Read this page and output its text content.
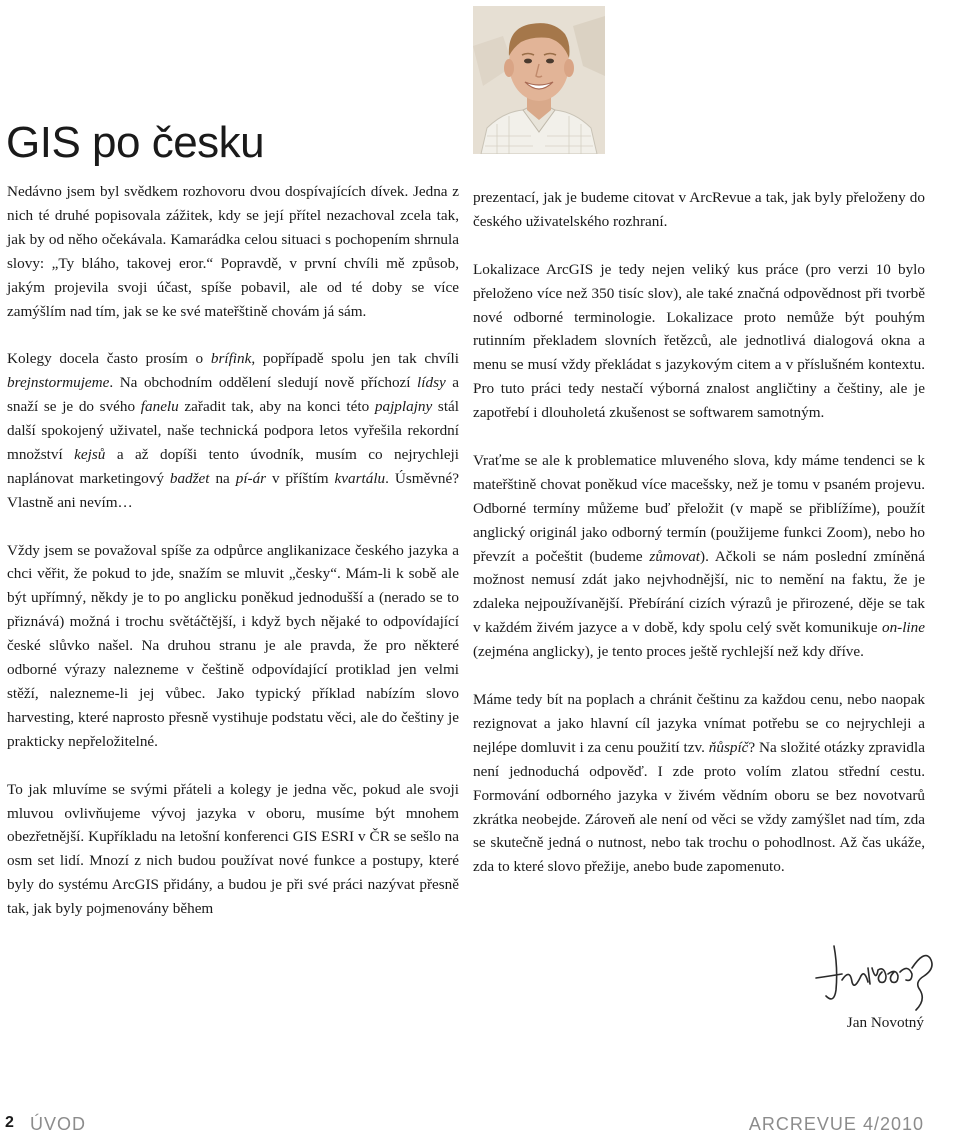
GIS po česku

Nedávno jsem byl svědkem rozhovoru dvou dospívajících dívek. Jedna z nich té druhé popisovala zážitek, kdy se její přítel nezachoval zcela tak, jak by od něho očekávala. Kamarádka celou situaci s pochopením shrnula slovy: „Ty bláho, takovej eror.“ Popravdě, v první chvíli mě způsob, jakým projevila svoji účast, spíše pobavil, ale od té doby se více zamýšlím nad tím, jak se ke své mateřštině chovám já sám.

Kolegy docela často prosím o brífink, popřípadě spolu jen tak chvíli brejnstormujeme. Na obchodním oddělení sledují nově příchozí lídsy a snaží se je do svého fanelu zařadit tak, aby na konci této pajplajny stál další spokojený uživatel, naše technická podpora letos vyřešila rekordní množství kejsů a až dopíši tento úvodník, musím co nejrychleji naplánovat marketingový badžet na pí-ár v příštím kvartálu. Úsměvné? Vlastně ani nevím…

Vždy jsem se považoval spíše za odpůrce anglikanizace českého jazyka a chci věřit, že pokud to jde, snažím se mluvit „česky“. Mám-li k sobě ale být upřímný, někdy je to po anglicku poněkud jednodušší a (nerado se to přiznává) možná i trochu světáčtější, i když bych nějaké to odpovídající české slůvko našel. Na druhou stranu je ale pravda, že pro některé odborné výrazy nalezneme v češtině odpovídající protiklad jen velmi stěží, nalezneme-li jej vůbec. Jako typický příklad nabízím slovo harvesting, které naprosto přesně vystihuje podstatu věci, ale do češtiny je prakticky nepřeložitelné.

To jak mluvíme se svými přáteli a kolegy je jedna věc, pokud ale svoji mluvou ovlivňujeme vývoj jazyka v oboru, musíme být mnohem obezřetnější. Kupříkladu na letošní konferenci GIS ESRI v ČR se sešlo na osm set lidí. Mnozí z nich budou používat nové funkce a postupy, které byly do systému ArcGIS přidány, a budou je při své práci nazývat přesně tak, jak byly pojmenovány během

prezentací, jak je budeme citovat v ArcRevue a tak, jak byly přeloženy do českého uživatelského rozhraní.

Lokalizace ArcGIS je tedy nejen veliký kus práce (pro verzi 10 bylo přeloženo více než 350 tisíc slov), ale také značná odpovědnost při tvorbě nové odborné terminologie. Lokalizace proto nemůže být pouhým rutinním překladem slovních řetězců, ale jednotlivá dialogová okna a menu se musí vždy překládat s jazykovým citem a v příslušném kontextu. Pro tuto práci tedy nestačí výborná znalost angličtiny a češtiny, ale je zapotřebí i dlouholetá zkušenost se softwarem samotným.

Vraťme se ale k problematice mluveného slova, kdy máme tendenci se k mateřštině chovat poněkud více macešsky, než je tomu v psaném projevu. Odborné termíny můžeme buď přeložit (v mapě se přiblížíme), použít anglický originál jako odborný termín (použijeme funkci Zoom), nebo ho převzít a počeštit (budeme zůmovat). Ačkoli se nám poslední zmíněná možnost nemusí zdát jako nejvhodnější, nic to nemění na faktu, že je zdaleka nejpoužívanější. Přebírání cizích výrazů je přirozené, děje se tak v každém živém jazyce a v době, kdy spolu celý svět komunikuje on-line (zejména anglicky), je tento proces ještě rychlejší než kdy dříve.

Máme tedy bít na poplach a chránit češtinu za každou cenu, nebo naopak rezignovat a jako hlavní cíl jazyka vnímat potřebu se co nejrychleji a nejlépe domluvit i za cenu použití tzv. ňůspíč? Na složité otázky zpravidla není jednoduchá odpověď. I zde proto volím zlatou střední cestu. Formování odborného jazyka v živém vědním oboru se bez novotvarů zkrátka neobejde. Zároveň ale není od věci se vždy zamýšlet nad tím, zda se skutečně jedná o nutnost, nebo tak trochu o pohodlnost. Až čas ukáže, zda to které slovo přežije, anebo bude zapomenuto.

Jan Novotný
2 ÚVOD	ARCREVUE 4/2010
